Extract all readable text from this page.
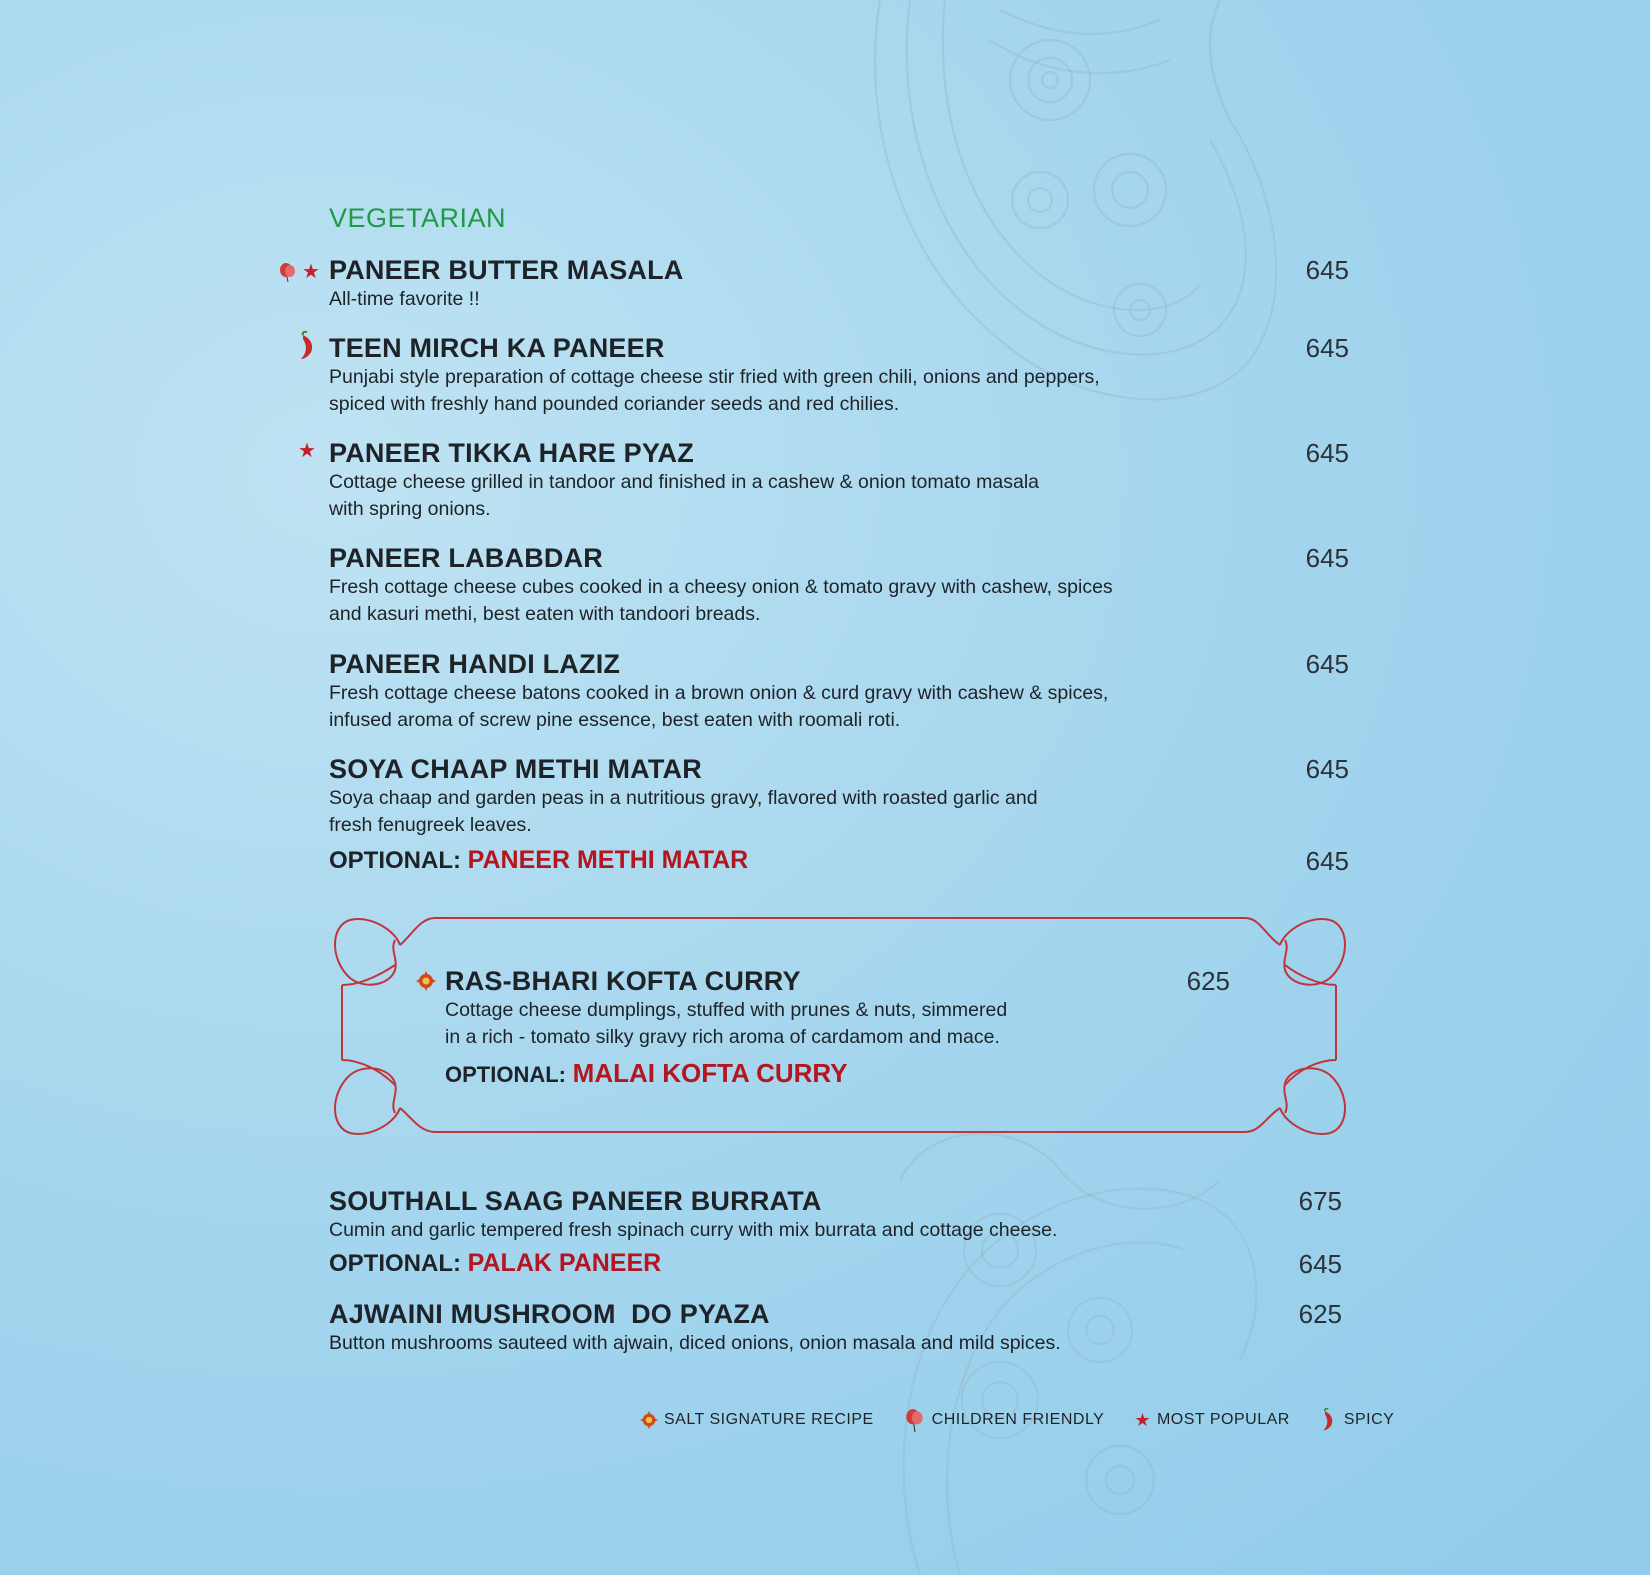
VEGETARIAN
★ PANEER BUTTER MASALA
All-time favorite !!
645
TEEN MIRCH KA PANEER
Punjabi style preparation of cottage cheese stir fried with green chili, onions and peppers,
spiced with freshly hand pounded coriander seeds and red chilies.
645
★ PANEER TIKKA HARE PYAZ
Cottage cheese grilled in tandoor and finished in a cashew & onion tomato masala
with spring onions.
645
PANEER LABABDAR
Fresh cottage cheese cubes cooked in a cheesy onion & tomato gravy with cashew, spices
and kasuri methi, best eaten with tandoori breads.
645
PANEER HANDI LAZIZ
Fresh cottage cheese batons cooked in a brown onion & curd gravy with cashew & spices,
infused aroma of screw pine essence, best eaten with roomali roti.
645
SOYA CHAAP METHI MATAR
Soya chaap and garden peas in a nutritious gravy, flavored with roasted garlic and
fresh fenugreek leaves.
645
OPTIONAL: PANEER METHI MATAR	645
RAS-BHARI KOFTA CURRY
Cottage cheese dumplings, stuffed with prunes & nuts, simmered
in a rich - tomato silky gravy rich aroma of cardamom and mace.
625
OPTIONAL: MALAI KOFTA CURRY
SOUTHALL SAAG PANEER BURRATA
Cumin and garlic tempered fresh spinach curry with mix burrata and cottage cheese.
675
OPTIONAL: PALAK PANEER	645
AJWAINI MUSHROOM  DO PYAZA
Button mushrooms sauteed with ajwain, diced onions, onion masala and mild spices.
625
SALT SIGNATURE RECIPE	CHILDREN FRIENDLY ★ MOST POPULAR	SPICY
